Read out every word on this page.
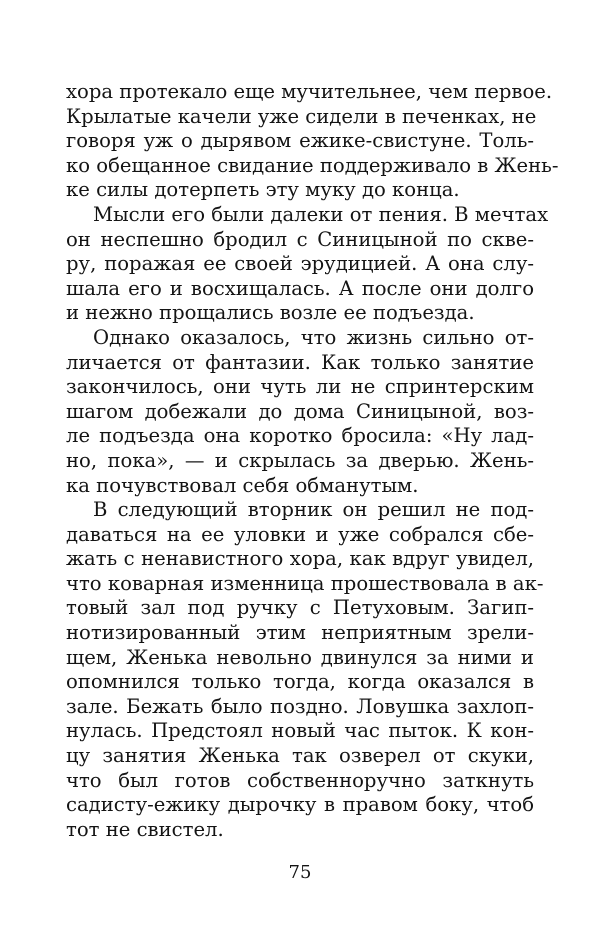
хора протекало еще мучительнее, чем первое.
Крылатые качели уже сидели в печенках, не
говоря уж о дырявом ежике-свистуне. Толь-
ко обещанное свидание поддерживало в Жень-
ке силы дотерпеть эту муку до конца.
Мысли его были далеки от пения. В мечтах
он неспешно бродил с Синицыной по скве-
ру, поражая ее своей эрудицией. А она слу-
шала его и восхищалась. А после они долго
и нежно прощались возле ее подъезда.
Однако оказалось, что жизнь сильно от-
личается от фантазии. Как только занятие
закончилось, они чуть ли не спринтерским
шагом добежали до дома Синицыной, воз-
ле подъезда она коротко бросила: «Ну лад-
но, пока», — и скрылась за дверью. Жень-
ка почувствовал себя обманутым.
В следующий вторник он решил не под-
даваться на ее уловки и уже собрался сбе-
жать с ненавистного хора, как вдруг увидел,
что коварная изменница прошествовала в ак-
товый зал под ручку с Петуховым. Загип-
нотизированный этим неприятным зрели-
щем, Женька невольно двинулся за ними и
опомнился только тогда, когда оказался в
зале. Бежать было поздно. Ловушка захлоп-
нулась. Предстоял новый час пыток. К кон-
цу занятия Женька так озверел от скуки,
что был готов собственноручно заткнуть
садисту-ежику дырочку в правом боку, чтоб
тот не свистел.
75
